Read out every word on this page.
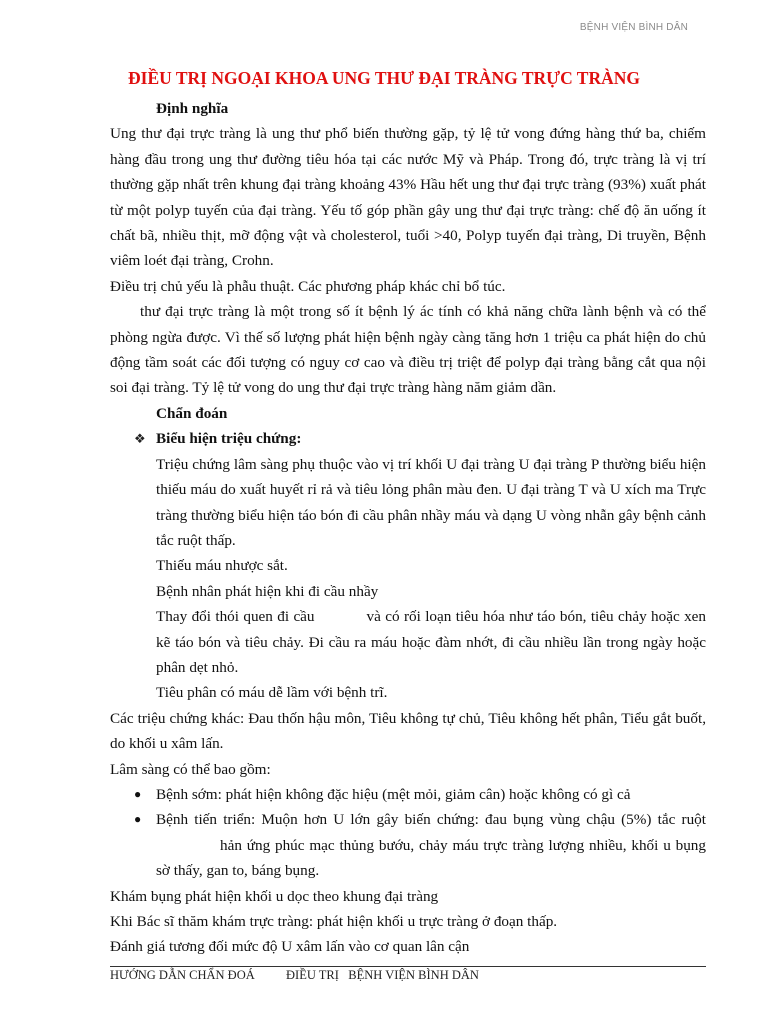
BỆNH VIỆN BÌNH DÂN
ĐIỀU TRỊ NGOẠI KHOA UNG THƯ ĐẠI TRÀNG TRỰC TRÀNG

Định nghĩa

Ung thư đại trực tràng là ung thư phổ biến thường gặp, tỷ lệ tử vong đứng hàng thứ ba, chiếm hàng đầu trong ung thư đường tiêu hóa tại các nước Mỹ và Pháp. Trong đó, trực tràng là vị trí thường gặp nhất trên khung đại tràng khoảng 43% Hầu hết ung thư đại trực tràng (93%) xuất phát từ một polyp tuyến của đại tràng. Yếu tố góp phần gây ung thư đại trực tràng: chế độ ăn uống ít chất bã, nhiều thịt, mỡ động vật và cholesterol, tuổi >40, Polyp tuyến đại tràng, Di truyền, Bệnh viêm loét đại tràng, Crohn.

Điều trị chủ yếu là phẫu thuật. Các phương pháp khác chỉ bổ túc.

thư đại trực tràng là một trong số ít bệnh lý ác tính có khả năng chữa lành bệnh và có thể phòng ngừa được. Vì thế số lượng phát hiện bệnh ngày càng tăng hơn 1 triệu ca phát hiện do chủ động tầm soát các đối tượng có nguy cơ cao và điều trị triệt để polyp đại tràng bằng cắt qua nội soi đại tràng. Tỷ lệ tử vong do ung thư đại trực tràng hàng năm giảm dần.

Chẩn đoán

❖ Biểu hiện triệu chứng:

Triệu chứng lâm sàng phụ thuộc vào vị trí khối U đại tràng U đại tràng P thường biểu hiện thiếu máu do xuất huyết rỉ rả và tiêu lỏng phân màu đen. U đại tràng T và U xích ma Trực tràng thường biểu hiện táo bón đi cầu phân nhầy máu và dạng U vòng nhẫn gây bệnh cảnh tắc ruột thấp.

Thiếu máu nhược sắt.

Bệnh nhân phát hiện khi đi cầu nhầy

Thay đổi thói quen đi cầu	và có rối loạn tiêu hóa như táo bón, tiêu chảy hoặc xen kẽ táo bón và tiêu chảy. Đi cầu ra máu hoặc đàm nhớt, đi cầu nhiều lần trong ngày hoặc phân dẹt nhỏ.

Tiêu phân có máu dễ lầm với bệnh trĩ.

Các triệu chứng khác: Đau thốn hậu môn, Tiêu không tự chủ, Tiêu không hết phân, Tiểu gắt buốt, do khối u xâm lấn.

Lâm sàng có thể bao gồm:

● Bệnh sớm: phát hiện không đặc hiệu (mệt mỏi, giảm cân) hoặc không có gì cả

● Bệnh tiến triển: Muộn hơn U lớn gây biến chứng: đau bụng vùng chậu (5%) tắc ruột hản ứng phúc mạc thủng bướu, chảy máu trực tràng lượng nhiều, khối u bụng sờ thấy, gan to, báng bụng.

Khám bụng phát hiện khối u dọc theo khung đại tràng

Khi Bác sĩ thăm khám trực tràng: phát hiện khối u trực tràng ở đoạn thấp.

Đánh giá tương đối mức độ U xâm lấn vào cơ quan lân cận

HƯỚNG DẪN CHẨN ĐOÁ          ĐIỀU TRỊ   BỆNH VIỆN BÌNH DÂN
